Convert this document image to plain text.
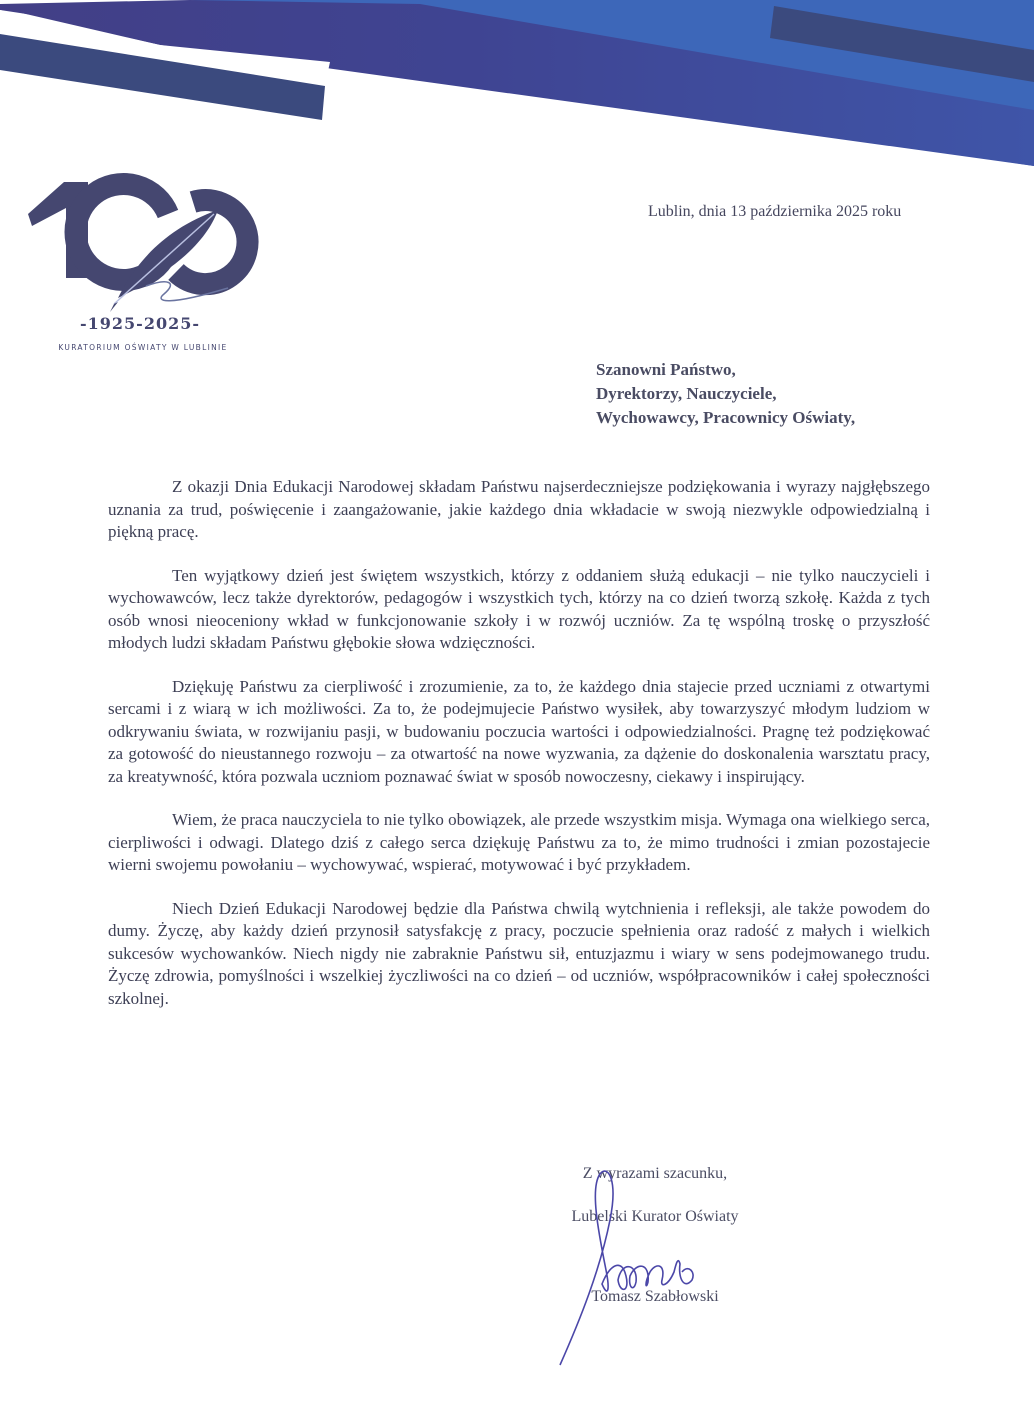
-1925-2025-
KURATORIUM OŚWIATY W LUBLINIE
Lublin, dnia 13 października 2025 roku
Szanowni Państwo,
Dyrektorzy, Nauczyciele,
Wychowawcy, Pracownicy Oświaty,

Z okazji Dnia Edukacji Narodowej składam Państwu najserdeczniejsze podziękowania i wyrazy najgłębszego uznania za trud, poświęcenie i zaangażowanie, jakie każdego dnia wkładacie w swoją niezwykle odpowiedzialną i piękną pracę.

Ten wyjątkowy dzień jest świętem wszystkich, którzy z oddaniem służą edukacji – nie tylko nauczycieli i wychowawców, lecz także dyrektorów, pedagogów i wszystkich tych, którzy na co dzień tworzą szkołę. Każda z tych osób wnosi nieoceniony wkład w funkcjonowanie szkoły i w rozwój uczniów. Za tę wspólną troskę o przyszłość młodych ludzi składam Państwu głębokie słowa wdzięczności.

Dziękuję Państwu za cierpliwość i zrozumienie, za to, że każdego dnia stajecie przed uczniami z otwartymi sercami i z wiarą w ich możliwości. Za to, że podejmujecie Państwo wysiłek, aby towarzyszyć młodym ludziom w odkrywaniu świata, w rozwijaniu pasji, w budowaniu poczucia wartości i odpowiedzialności. Pragnę też podziękować za gotowość do nieustannego rozwoju – za otwartość na nowe wyzwania, za dążenie do doskonalenia warsztatu pracy, za kreatywność, która pozwala uczniom poznawać świat w sposób nowoczesny, ciekawy i inspirujący.

Wiem, że praca nauczyciela to nie tylko obowiązek, ale przede wszystkim misja. Wymaga ona wielkiego serca, cierpliwości i odwagi. Dlatego dziś z całego serca dziękuję Państwu za to, że mimo trudności i zmian pozostajecie wierni swojemu powołaniu – wychowywać, wspierać, motywować i być przykładem.

Niech Dzień Edukacji Narodowej będzie dla Państwa chwilą wytchnienia i refleksji, ale także powodem do dumy. Życzę, aby każdy dzień przynosił satysfakcję z pracy, poczucie spełnienia oraz radość z małych i wielkich sukcesów wychowanków. Niech nigdy nie zabraknie Państwu sił, entuzjazmu i wiary w sens podejmowanego trudu. Życzę zdrowia, pomyślności i wszelkiej życzliwości na co dzień – od uczniów, współpracowników i całej społeczności szkolnej.

Z wyrazami szacunku,
Lubelski Kurator Oświaty
Tomasz Szabłowski
